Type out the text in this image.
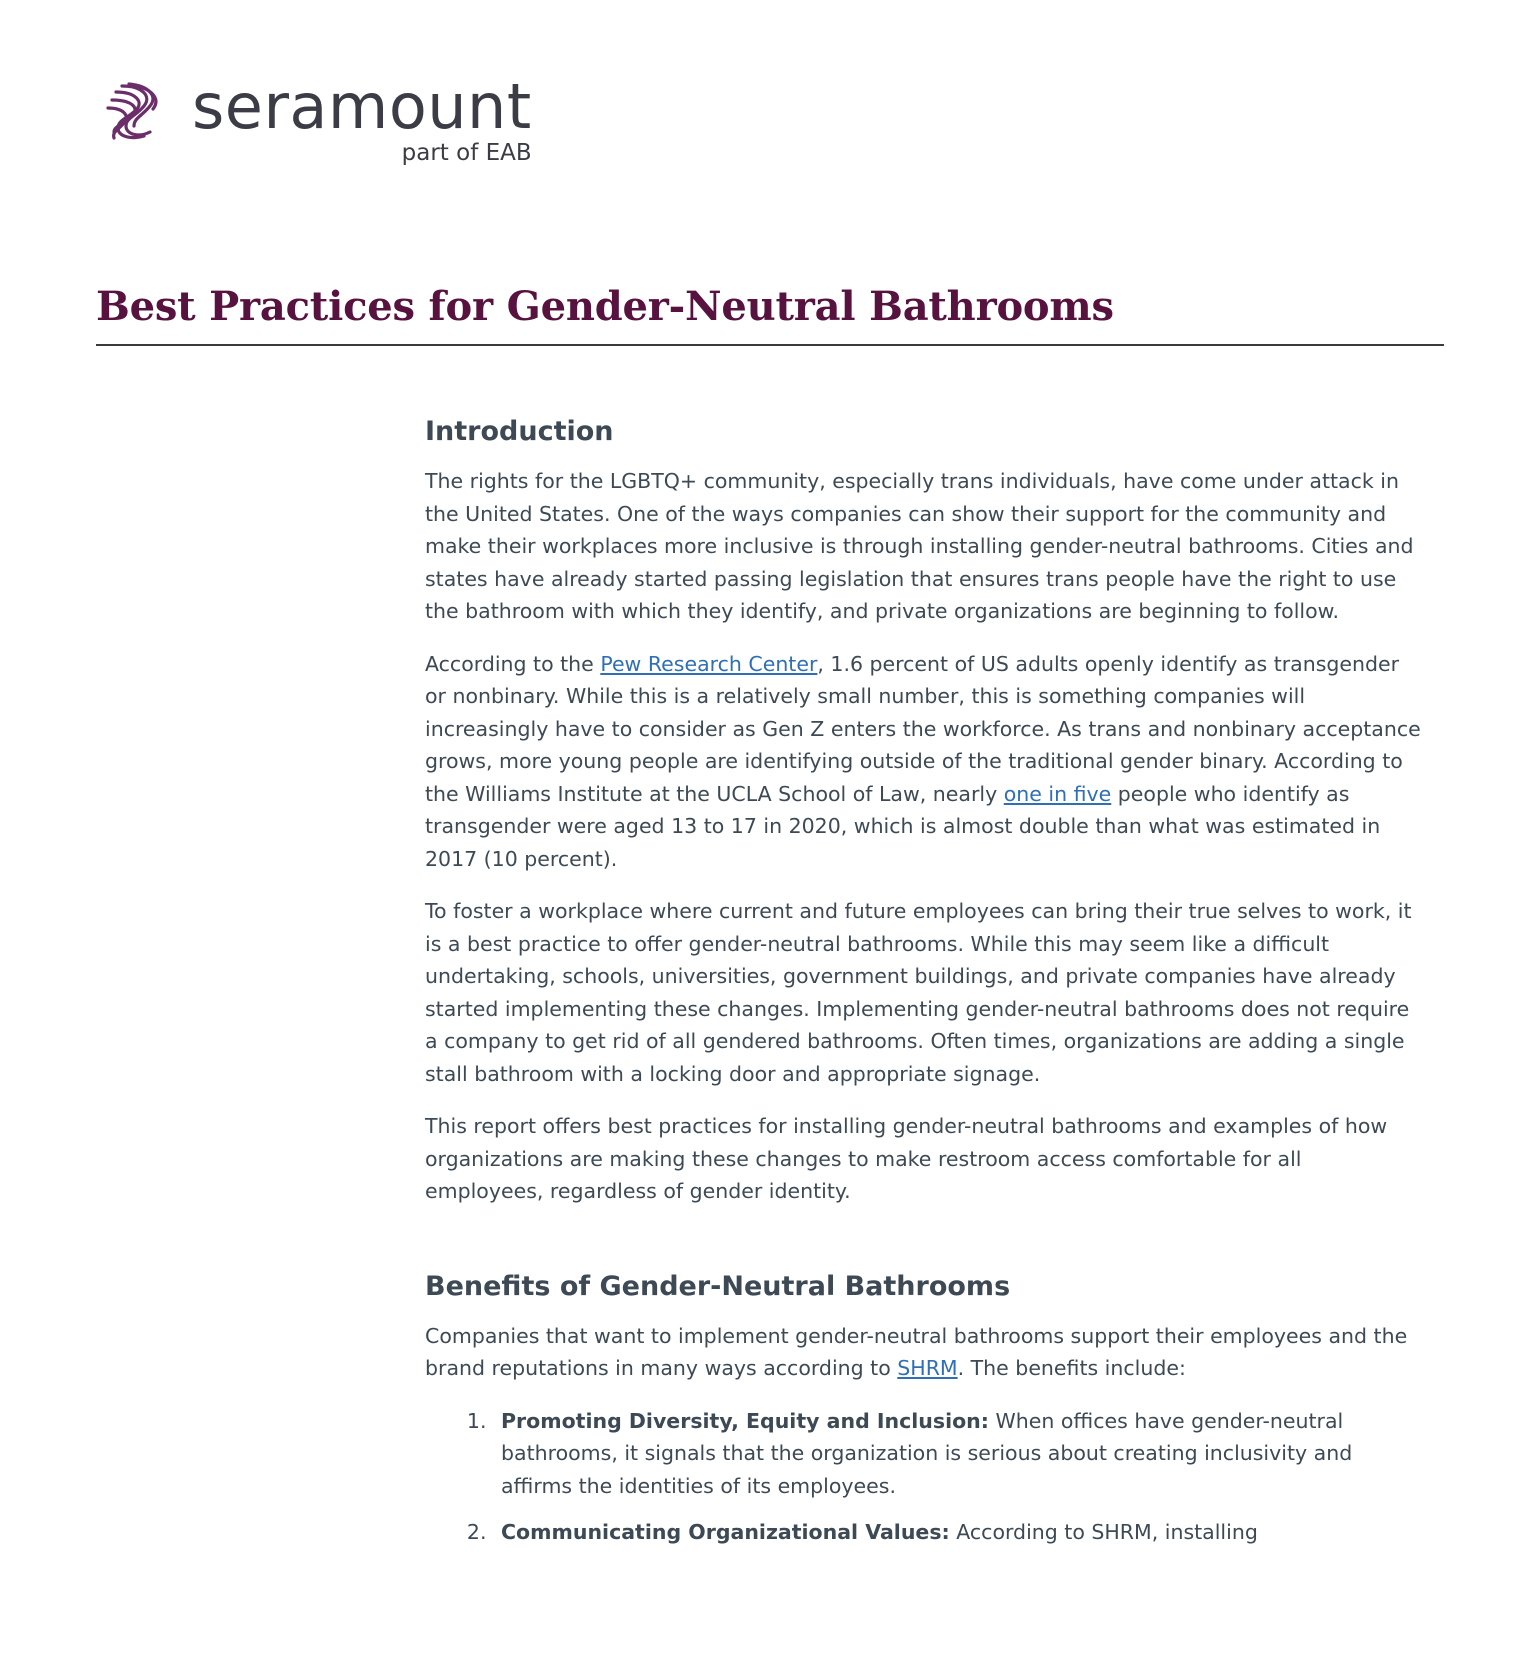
seramount
part of EAB
Best Practices for Gender-Neutral Bathrooms
Introduction

The rights for the LGBTQ+ community, especially trans individuals, have come under attack in the United States. One of the ways companies can show their support for the community and make their workplaces more inclusive is through installing gender-neutral bathrooms. Cities and states have already started passing legislation that ensures trans people have the right to use the bathroom with which they identify, and private organizations are beginning to follow.

According to the Pew Research Center, 1.6 percent of US adults openly identify as transgender or nonbinary. While this is a relatively small number, this is something companies will increasingly have to consider as Gen Z enters the workforce. As trans and nonbinary acceptance grows, more young people are identifying outside of the traditional gender binary. According to the Williams Institute at the UCLA School of Law, nearly one in five people who identify as transgender were aged 13 to 17 in 2020, which is almost double than what was estimated in 2017 (10 percent).

To foster a workplace where current and future employees can bring their true selves to work, it is a best practice to offer gender-neutral bathrooms. While this may seem like a difficult undertaking, schools, universities, government buildings, and private companies have already started implementing these changes. Implementing gender-neutral bathrooms does not require a company to get rid of all gendered bathrooms. Often times, organizations are adding a single stall bathroom with a locking door and appropriate signage.

This report offers best practices for installing gender-neutral bathrooms and examples of how organizations are making these changes to make restroom access comfortable for all employees, regardless of gender identity.

Benefits of Gender-Neutral Bathrooms

Companies that want to implement gender-neutral bathrooms support their employees and the brand reputations in many ways according to SHRM. The benefits include:

1. Promoting Diversity, Equity and Inclusion: When offices have gender-neutral bathrooms, it signals that the organization is serious about creating inclusivity and affirms the identities of its employees.
2. Communicating Organizational Values: According to SHRM, installing
